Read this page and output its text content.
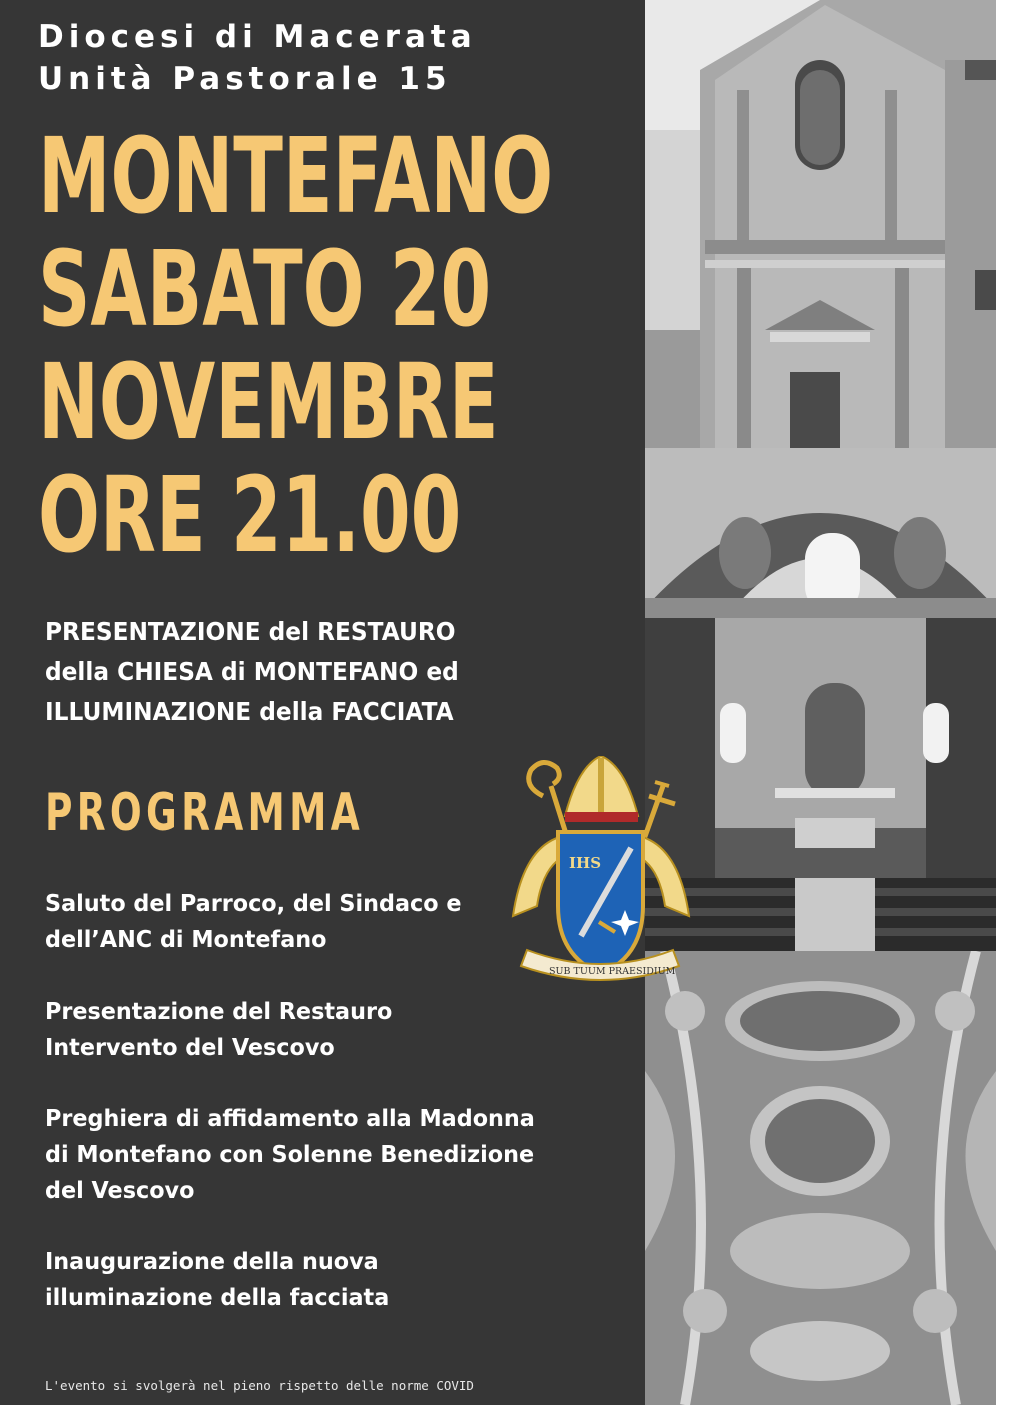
Diocesi di Macerata
Unità Pastorale 15
MONTEFANO
SABATO 20
NOVEMBRE
ORE 21.00
PRESENTAZIONE del RESTAURO
della CHIESA di MONTEFANO ed
ILLUMINAZIONE della FACCIATA
PROGRAMMA
Saluto del Parroco, del Sindaco e
dell’ANC di Montefano
Presentazione del Restauro
Intervento del Vescovo
Preghiera di affidamento alla Madonna
di Montefano con Solenne Benedizione
del Vescovo
Inaugurazione della nuova
illuminazione della facciata
IHS
SUB TUUM PRAESIDIUM
L'evento si svolgerà nel pieno rispetto delle norme COVID
